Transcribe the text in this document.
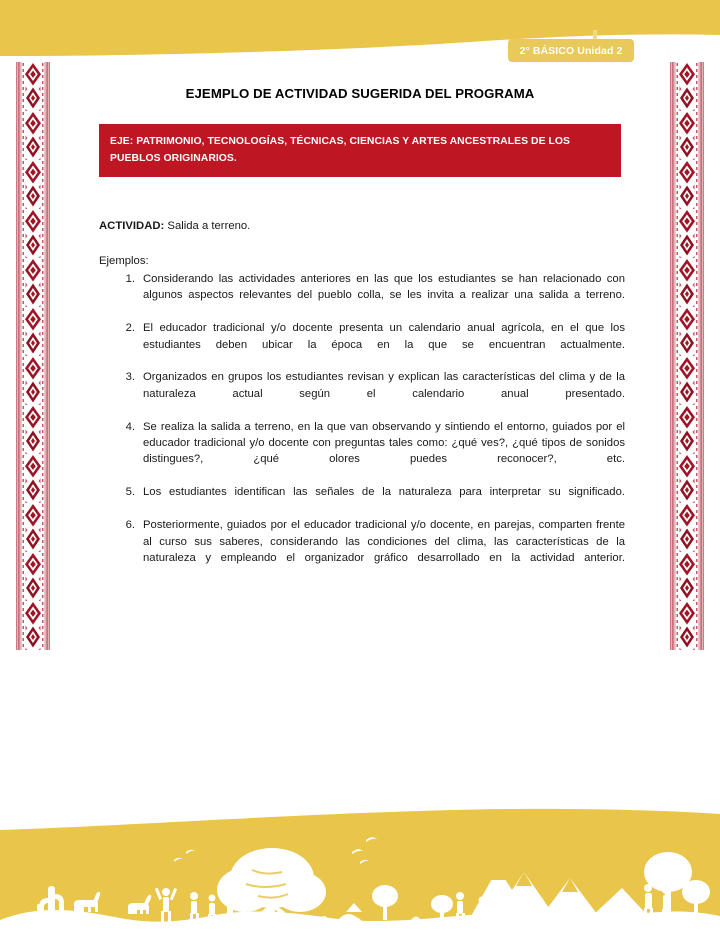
2° BÁSICO Unidad 2
EJEMPLO DE ACTIVIDAD SUGERIDA DEL PROGRAMA
EJE: PATRIMONIO, TECNOLOGÍAS, TÉCNICAS, CIENCIAS Y ARTES ANCESTRALES DE LOS PUEBLOS ORIGINARIOS.
ACTIVIDAD: Salida a terreno.
Ejemplos:
1. Considerando las actividades anteriores en las que los estudiantes se han relacionado con algunos aspectos relevantes del pueblo colla, se les invita a realizar una salida a terreno.
2. El educador tradicional y/o docente presenta un calendario anual agrícola, en el que los estudiantes deben ubicar la época en la que se encuentran actualmente.
3. Organizados en grupos los estudiantes revisan y explican las características del clima y de la naturaleza actual según el calendario anual presentado.
4. Se realiza la salida a terreno, en la que van observando y sintiendo el entorno, guiados por el educador tradicional y/o docente con preguntas tales como: ¿qué ves?, ¿qué tipos de sonidos distingues?, ¿qué olores puedes reconocer?, etc.
5. Los estudiantes identifican las señales de la naturaleza para interpretar su significado.
6. Posteriormente, guiados por el educador tradicional y/o docente, en parejas, comparten frente al curso sus saberes, considerando las condiciones del clima, las características de la naturaleza y empleando el organizador gráfico desarrollado en la actividad anterior.
